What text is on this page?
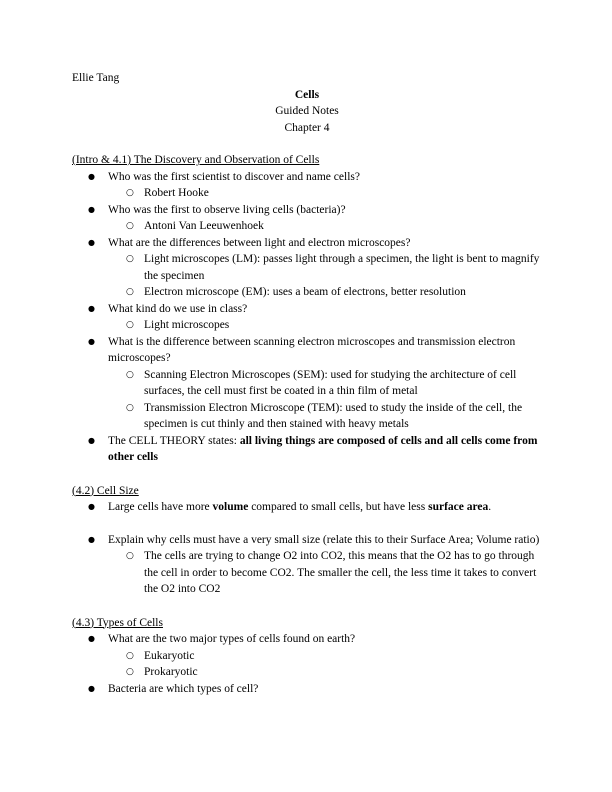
Ellie Tang
Cells
Guided Notes
Chapter 4
(Intro & 4.1) The Discovery and Observation of Cells
● Who was the first scientist to discover and name cells?
○ Robert Hooke
● Who was the first to observe living cells (bacteria)?
○ Antoni Van Leeuwenhoek
● What are the differences between light and electron microscopes?
○ Light microscopes (LM): passes light through a specimen, the light is bent to magnify the specimen
○ Electron microscope (EM): uses a beam of electrons, better resolution
● What kind do we use in class?
○ Light microscopes
● What is the difference between scanning electron microscopes and transmission electron microscopes?
○ Scanning Electron Microscopes (SEM): used for studying the architecture of cell surfaces, the cell must first be coated in a thin film of metal
○ Transmission Electron Microscope (TEM): used to study the inside of the cell, the specimen is cut thinly and then stained with heavy metals
● The CELL THEORY states: all living things are composed of cells and all cells come from other cells
(4.2) Cell Size
● Large cells have more volume compared to small cells, but have less surface area.
● Explain why cells must have a very small size (relate this to their Surface Area; Volume ratio)
○ The cells are trying to change O2 into CO2, this means that the O2 has to go through the cell in order to become CO2. The smaller the cell, the less time it takes to convert the O2 into CO2
(4.3) Types of Cells
● What are the two major types of cells found on earth?
○ Eukaryotic
○ Prokaryotic
● Bacteria are which types of cell?
